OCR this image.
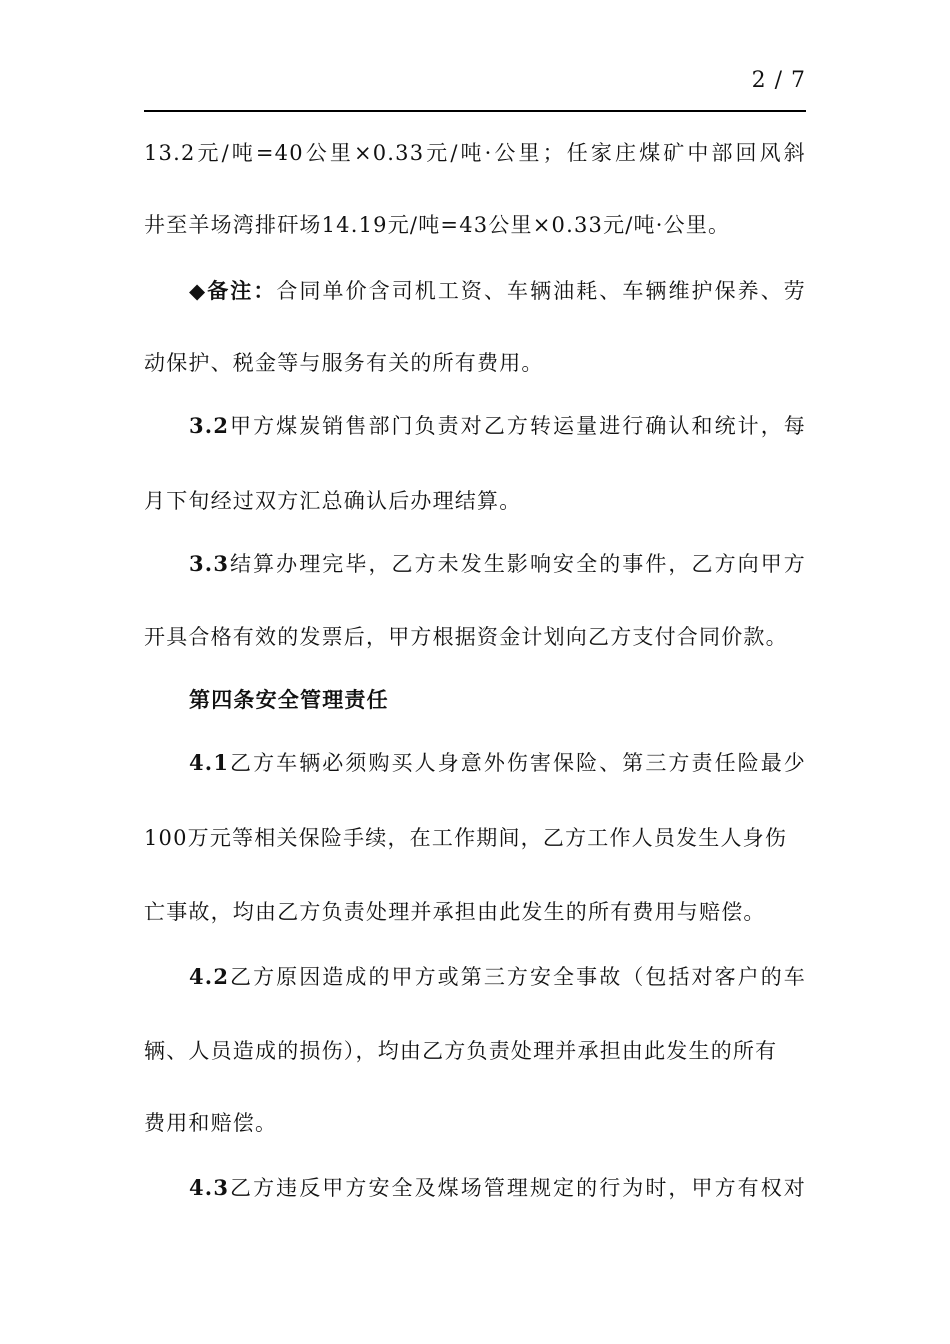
2 / 7
13.2元/吨=40公里×0.33元/吨·公里；任家庄煤矿中部回风斜
井至羊场湾排矸场14.19元/吨=43公里×0.33元/吨·公里。
◆备注：合同单价含司机工资、车辆油耗、车辆维护保养、劳
动保护、税金等与服务有关的所有费用。
3.2甲方煤炭销售部门负责对乙方转运量进行确认和统计，每
月下旬经过双方汇总确认后办理结算。
3.3结算办理完毕，乙方未发生影响安全的事件，乙方向甲方
开具合格有效的发票后，甲方根据资金计划向乙方支付合同价款。
第四条安全管理责任
4.1乙方车辆必须购买人身意外伤害保险、第三方责任险最少
100万元等相关保险手续，在工作期间，乙方工作人员发生人身伤
亡事故，均由乙方负责处理并承担由此发生的所有费用与赔偿。
4.2乙方原因造成的甲方或第三方安全事故（包括对客户的车
辆、人员造成的损伤），均由乙方负责处理并承担由此发生的所有
费用和赔偿。
4.3乙方违反甲方安全及煤场管理规定的行为时，甲方有权对
